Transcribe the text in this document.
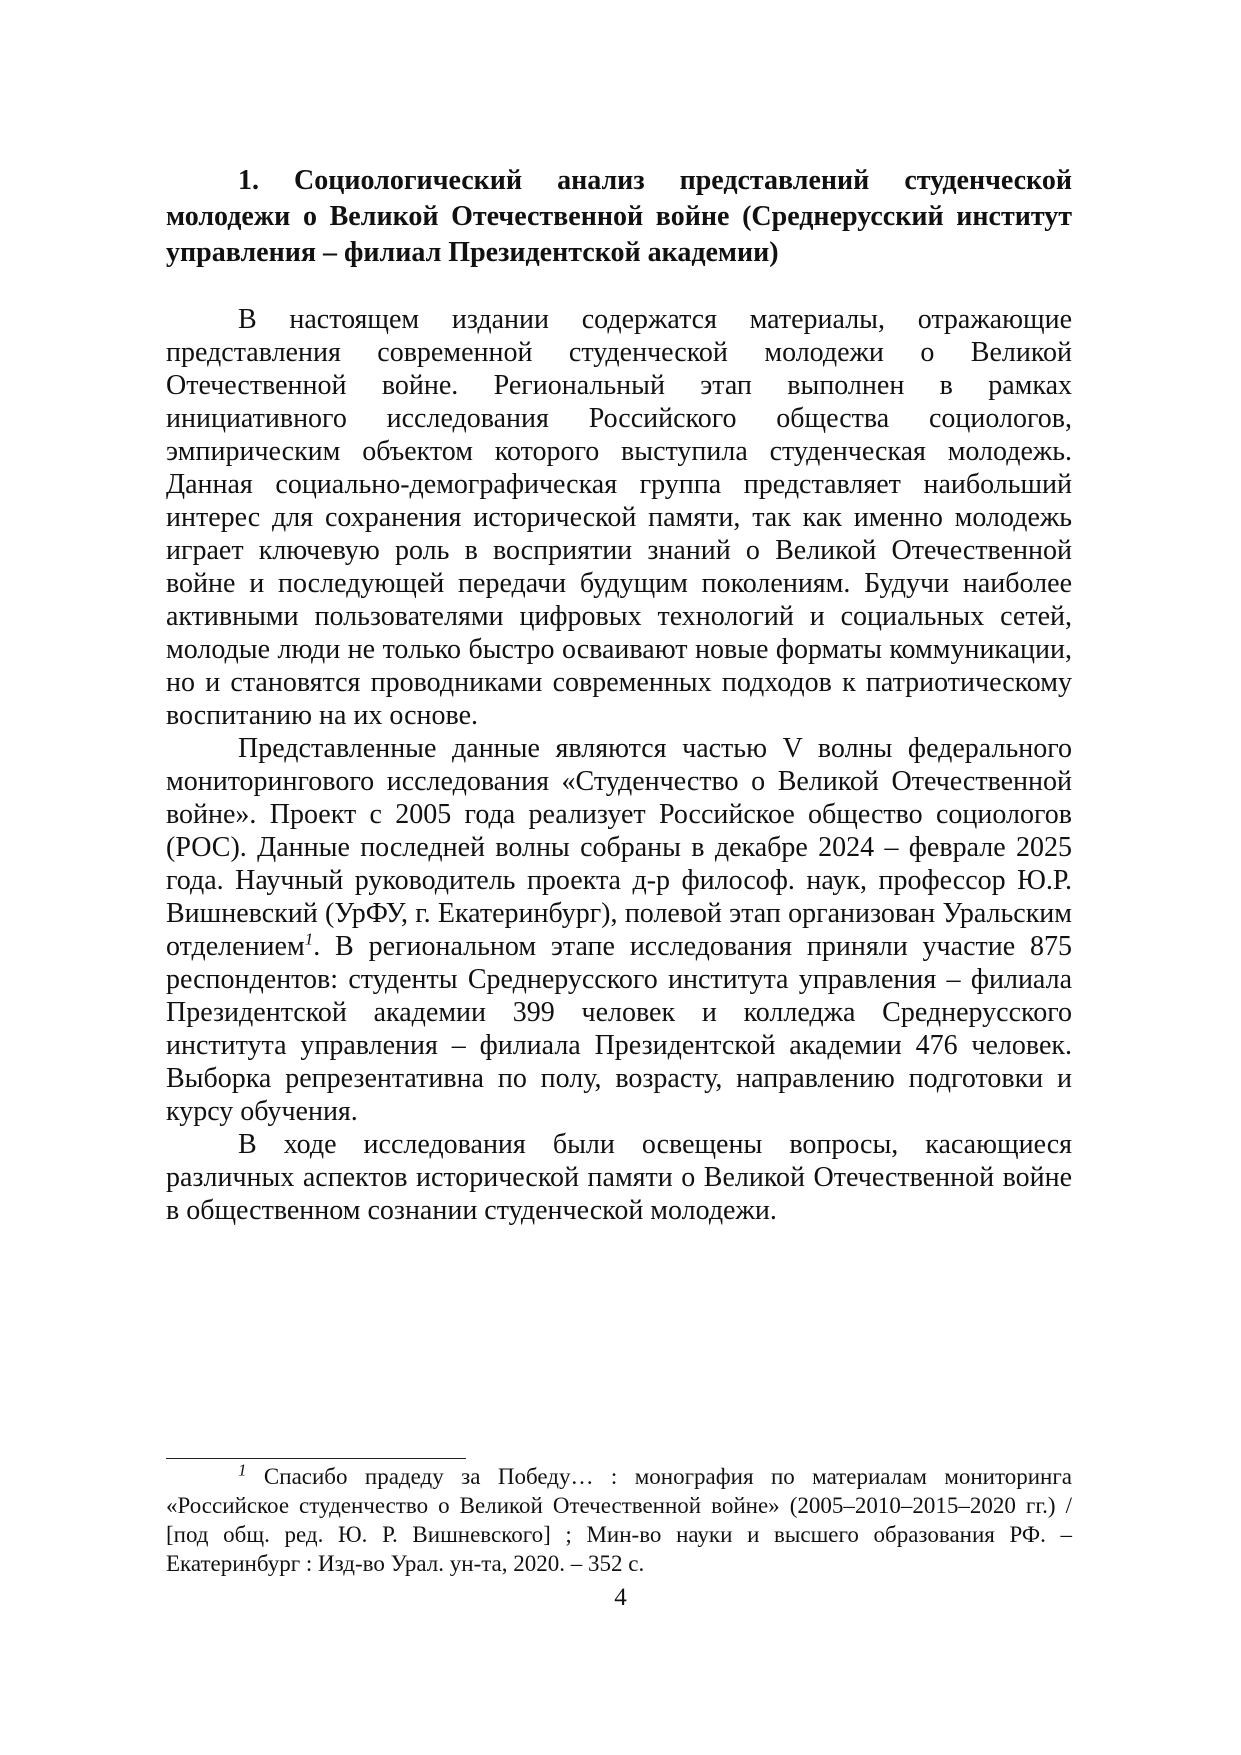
1. Социологический анализ представлений студенческой молодежи о Великой Отечественной войне (Среднерусский институт управления – филиал Президентской академии)

В настоящем издании содержатся материалы, отражающие представления современной студенческой молодежи о Великой Отечественной войне. Региональный этап выполнен в рамках инициативного исследования Российского общества социологов, эмпирическим объектом которого выступила студенческая молодежь. Данная социально-демографическая группа представляет наибольший интерес для сохранения исторической памяти, так как именно молодежь играет ключевую роль в восприятии знаний о Великой Отечественной войне и последующей передачи будущим поколениям. Будучи наиболее активными пользователями цифровых технологий и социальных сетей, молодые люди не только быстро осваивают новые форматы коммуникации, но и становятся проводниками современных подходов к патриотическому воспитанию на их основе.

Представленные данные являются частью V волны федерального мониторингового исследования «Студенчество о Великой Отечественной войне». Проект с 2005 года реализует Российское общество социологов (РОС). Данные последней волны собраны в декабре 2024 – феврале 2025 года. Научный руководитель проекта д-р философ. наук, профессор Ю.Р. Вишневский (УрФУ, г. Екатеринбург), полевой этап организован Уральским отделением$^1$. В региональном этапе исследования приняли участие 875 респондентов: студенты Среднерусского института управления – филиала Президентской академии 399 человек и колледжа Среднерусского института управления – филиала Президентской академии 476 человек. Выборка репрезентативна по полу, возрасту, направлению подготовки и курсу обучения.

В ходе исследования были освещены вопросы, касающиеся различных аспектов исторической памяти о Великой Отечественной войне в общественном сознании студенческой молодежи.

$^1$ Спасибо прадеду за Победу… : монография по материалам мониторинга «Российское студенчество о Великой Отечественной войне» (2005–2010–2015–2020 гг.) / [под общ. ред. Ю. Р. Вишневского] ; Мин-во науки и высшего образования РФ. – Екатеринбург : Изд-во Урал. ун-та, 2020. – 352 с.

4
